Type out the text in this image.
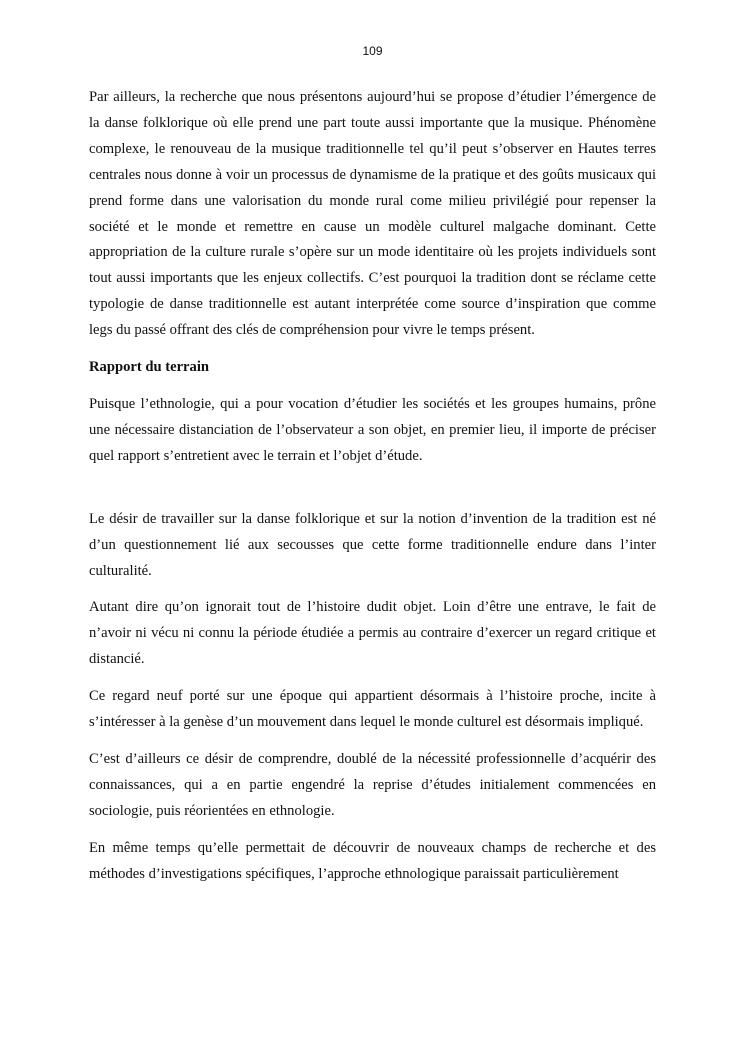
109

Par ailleurs, la recherche que nous présentons aujourd’hui se propose d’étudier l’émergence de la danse folklorique où elle prend une part toute aussi importante que la musique. Phénomène complexe, le renouveau de la musique traditionnelle tel qu’il peut s’observer en Hautes terres centrales nous donne à voir un processus de dynamisme de la pratique et des goûts musicaux qui prend forme dans une valorisation du monde rural come milieu privilégié pour repenser la société et le monde et remettre en cause un modèle culturel malgache dominant. Cette appropriation de la culture rurale s’opère sur un mode identitaire où les projets individuels sont tout aussi importants que les enjeux collectifs. C’est pourquoi la tradition dont se réclame cette typologie de danse traditionnelle est autant interprétée come source d’inspiration que comme legs du passé offrant des clés de compréhension pour vivre le temps présent.

Rapport du terrain

Puisque l’ethnologie, qui a pour vocation d’étudier les sociétés et les groupes humains, prône une nécessaire distanciation de l’observateur a son objet, en premier lieu, il importe de préciser quel rapport s’entretient avec le terrain et l’objet d’étude.

Le désir de travailler sur la danse folklorique et sur la notion d’invention de la tradition est né d’un questionnement lié aux secousses que cette forme traditionnelle endure dans l’inter culturalité.

Autant dire qu’on ignorait tout de l’histoire dudit objet. Loin d’être une entrave, le fait de n’avoir ni vécu ni connu la période étudiée a permis au contraire d’exercer un regard critique et distancié.

Ce regard neuf porté sur une époque qui appartient désormais à l’histoire proche, incite à s’intéresser à la genèse d’un mouvement dans lequel le monde culturel est désormais impliqué.

C’est d’ailleurs ce désir de comprendre, doublé de la nécessité professionnelle d’acquérir des connaissances, qui a en partie engendré la reprise d’études initialement commencées en sociologie, puis réorientées en ethnologie.

En même temps qu’elle permettait de découvrir de nouveaux champs de recherche et des méthodes d’investigations spécifiques, l’approche ethnologique paraissait particulièrement
